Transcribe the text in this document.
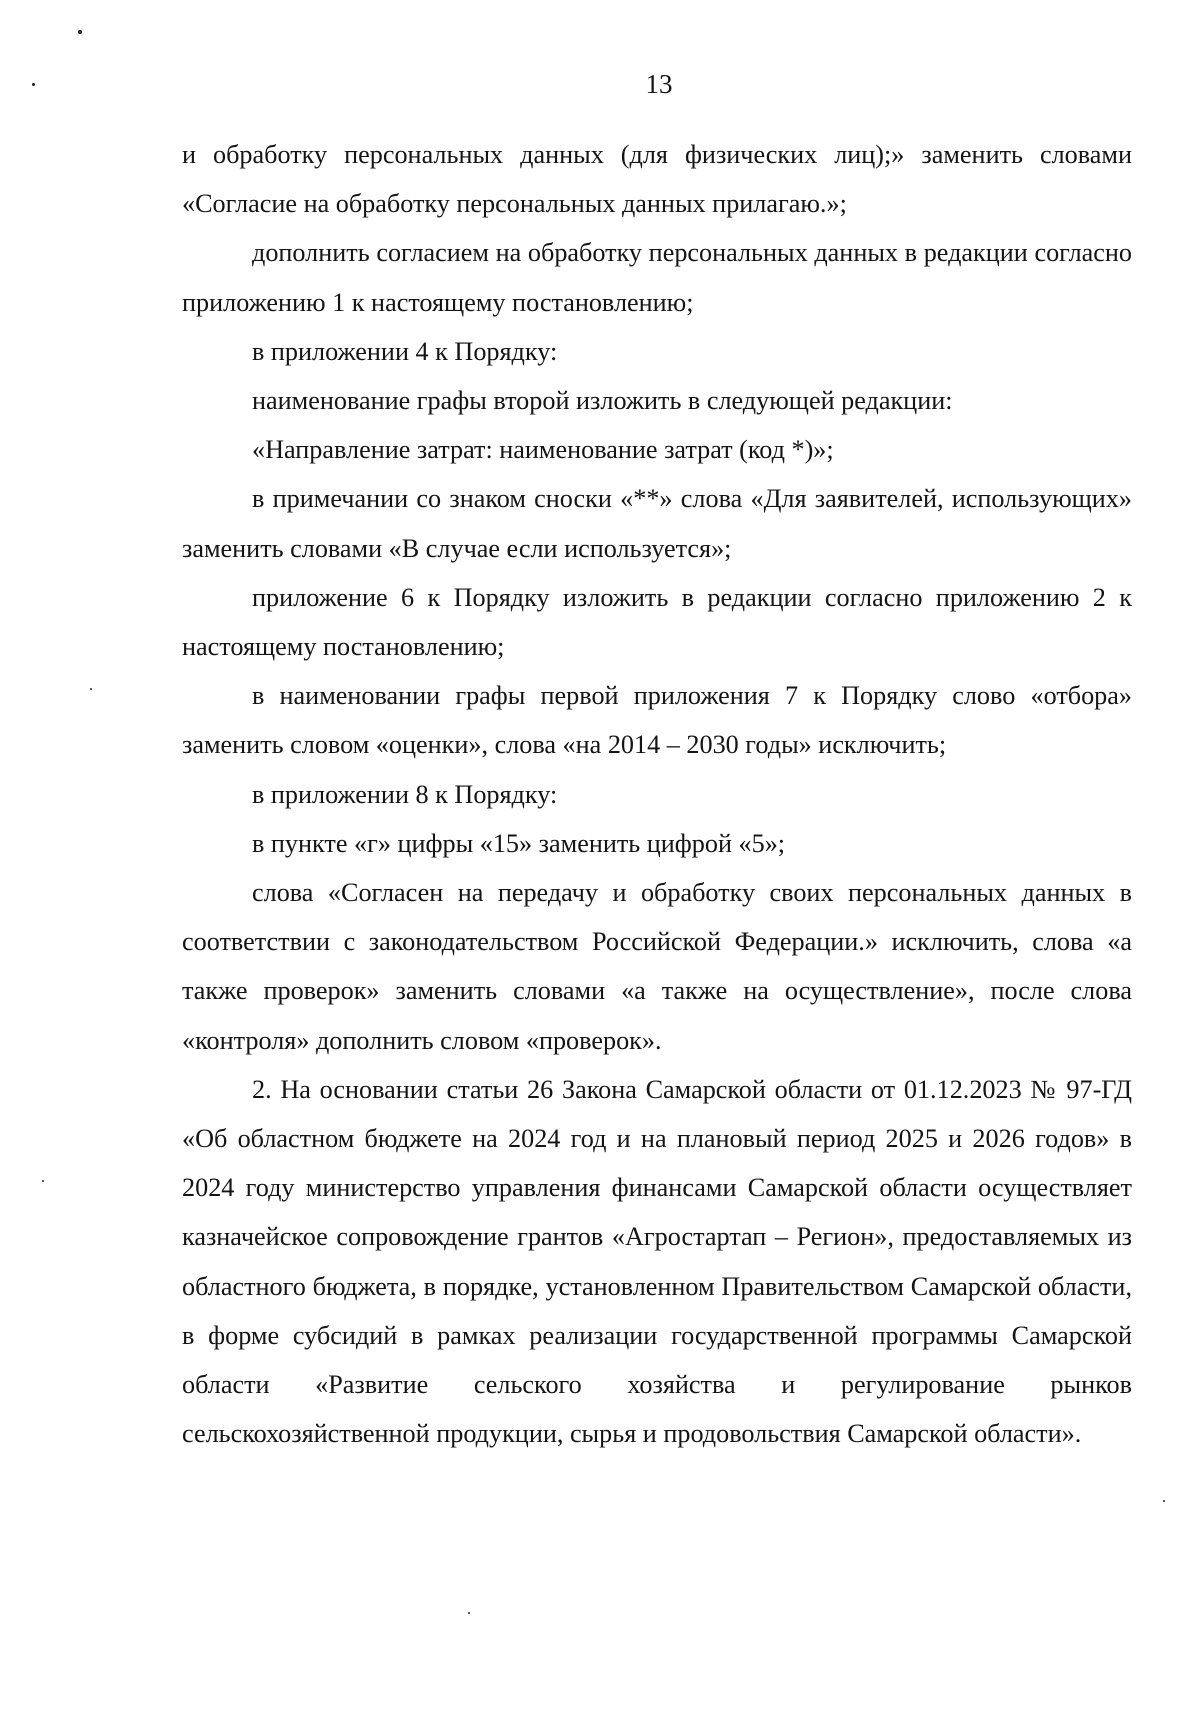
13

и обработку персональных данных (для физических лиц);» заменить словами «Согласие на обработку персональных данных прилагаю.»;

дополнить согласием на обработку персональных данных в редакции согласно приложению 1 к настоящему постановлению;

в приложении 4 к Порядку:

наименование графы второй изложить в следующей редакции:

«Направление затрат: наименование затрат (код *)»;

в примечании со знаком сноски «**» слова «Для заявителей, использующих» заменить словами «В случае если используется»;

приложение 6 к Порядку изложить в редакции согласно приложению 2 к настоящему постановлению;

в наименовании графы первой приложения 7 к Порядку слово «отбора» заменить словом «оценки», слова «на 2014 – 2030 годы» исключить;

в приложении 8 к Порядку:

в пункте «г» цифры «15» заменить цифрой «5»;

слова «Согласен на передачу и обработку своих персональных данных в соответствии с законодательством Российской Федерации.» исключить, слова «а также проверок» заменить словами «а также на осуществление», после слова «контроля» дополнить словом «проверок».

2. На основании статьи 26 Закона Самарской области от 01.12.2023 № 97-ГД «Об областном бюджете на 2024 год и на плановый период 2025 и 2026 годов» в 2024 году министерство управления финансами Самарской области осуществляет казначейское сопровождение грантов «Агростартап – Регион», предоставляемых из областного бюджета, в порядке, установленном Правительством Самарской области, в форме субсидий в рамках реализации государственной программы Самарской области «Развитие сельского хозяйства и регулирование рынков сельскохозяйственной продукции, сырья и продовольствия Самарской области».
